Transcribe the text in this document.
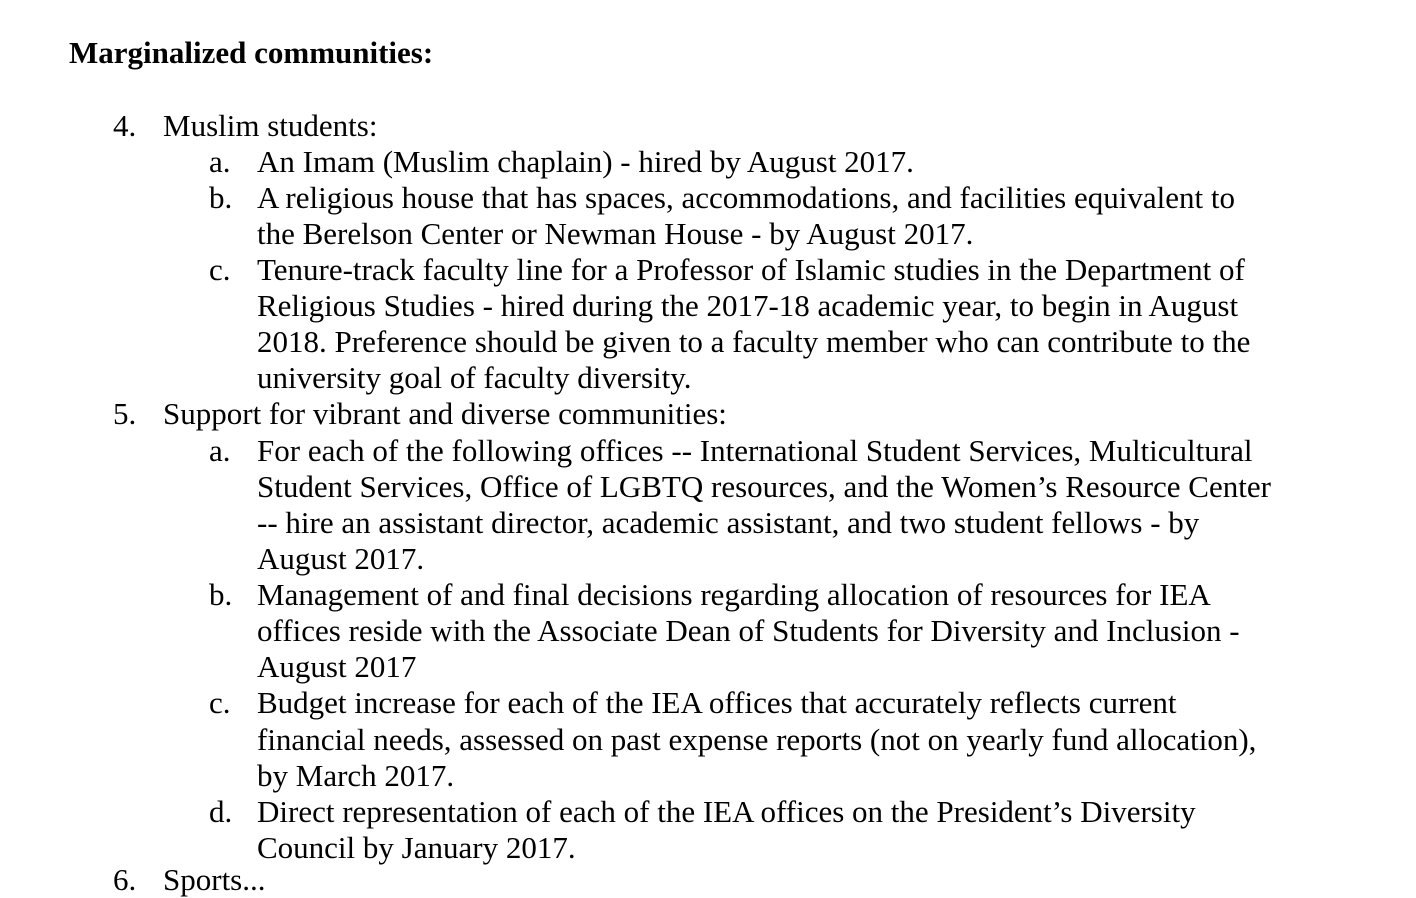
Marginalized communities:
4. Muslim students:
a. An Imam (Muslim chaplain) - hired by August 2017.
b. A religious house that has spaces, accommodations, and facilities equivalent to
the Berelson Center or Newman House - by August 2017.
c. Tenure-track faculty line for a Professor of Islamic studies in the Department of
Religious Studies - hired during the 2017-18 academic year, to begin in August
2018. Preference should be given to a faculty member who can contribute to the
university goal of faculty diversity.
5. Support for vibrant and diverse communities:
a. For each of the following offices -- International Student Services, Multicultural
Student Services, Office of LGBTQ resources, and the Women’s Resource Center
-- hire an assistant director, academic assistant, and two student fellows - by
August 2017.
b. Management of and final decisions regarding allocation of resources for IEA
offices reside with the Associate Dean of Students for Diversity and Inclusion -
August 2017
c. Budget increase for each of the IEA offices that accurately reflects current
financial needs, assessed on past expense reports (not on yearly fund allocation),
by March 2017.
d. Direct representation of each of the IEA offices on the President’s Diversity
Council by January 2017.
6. Sports...
